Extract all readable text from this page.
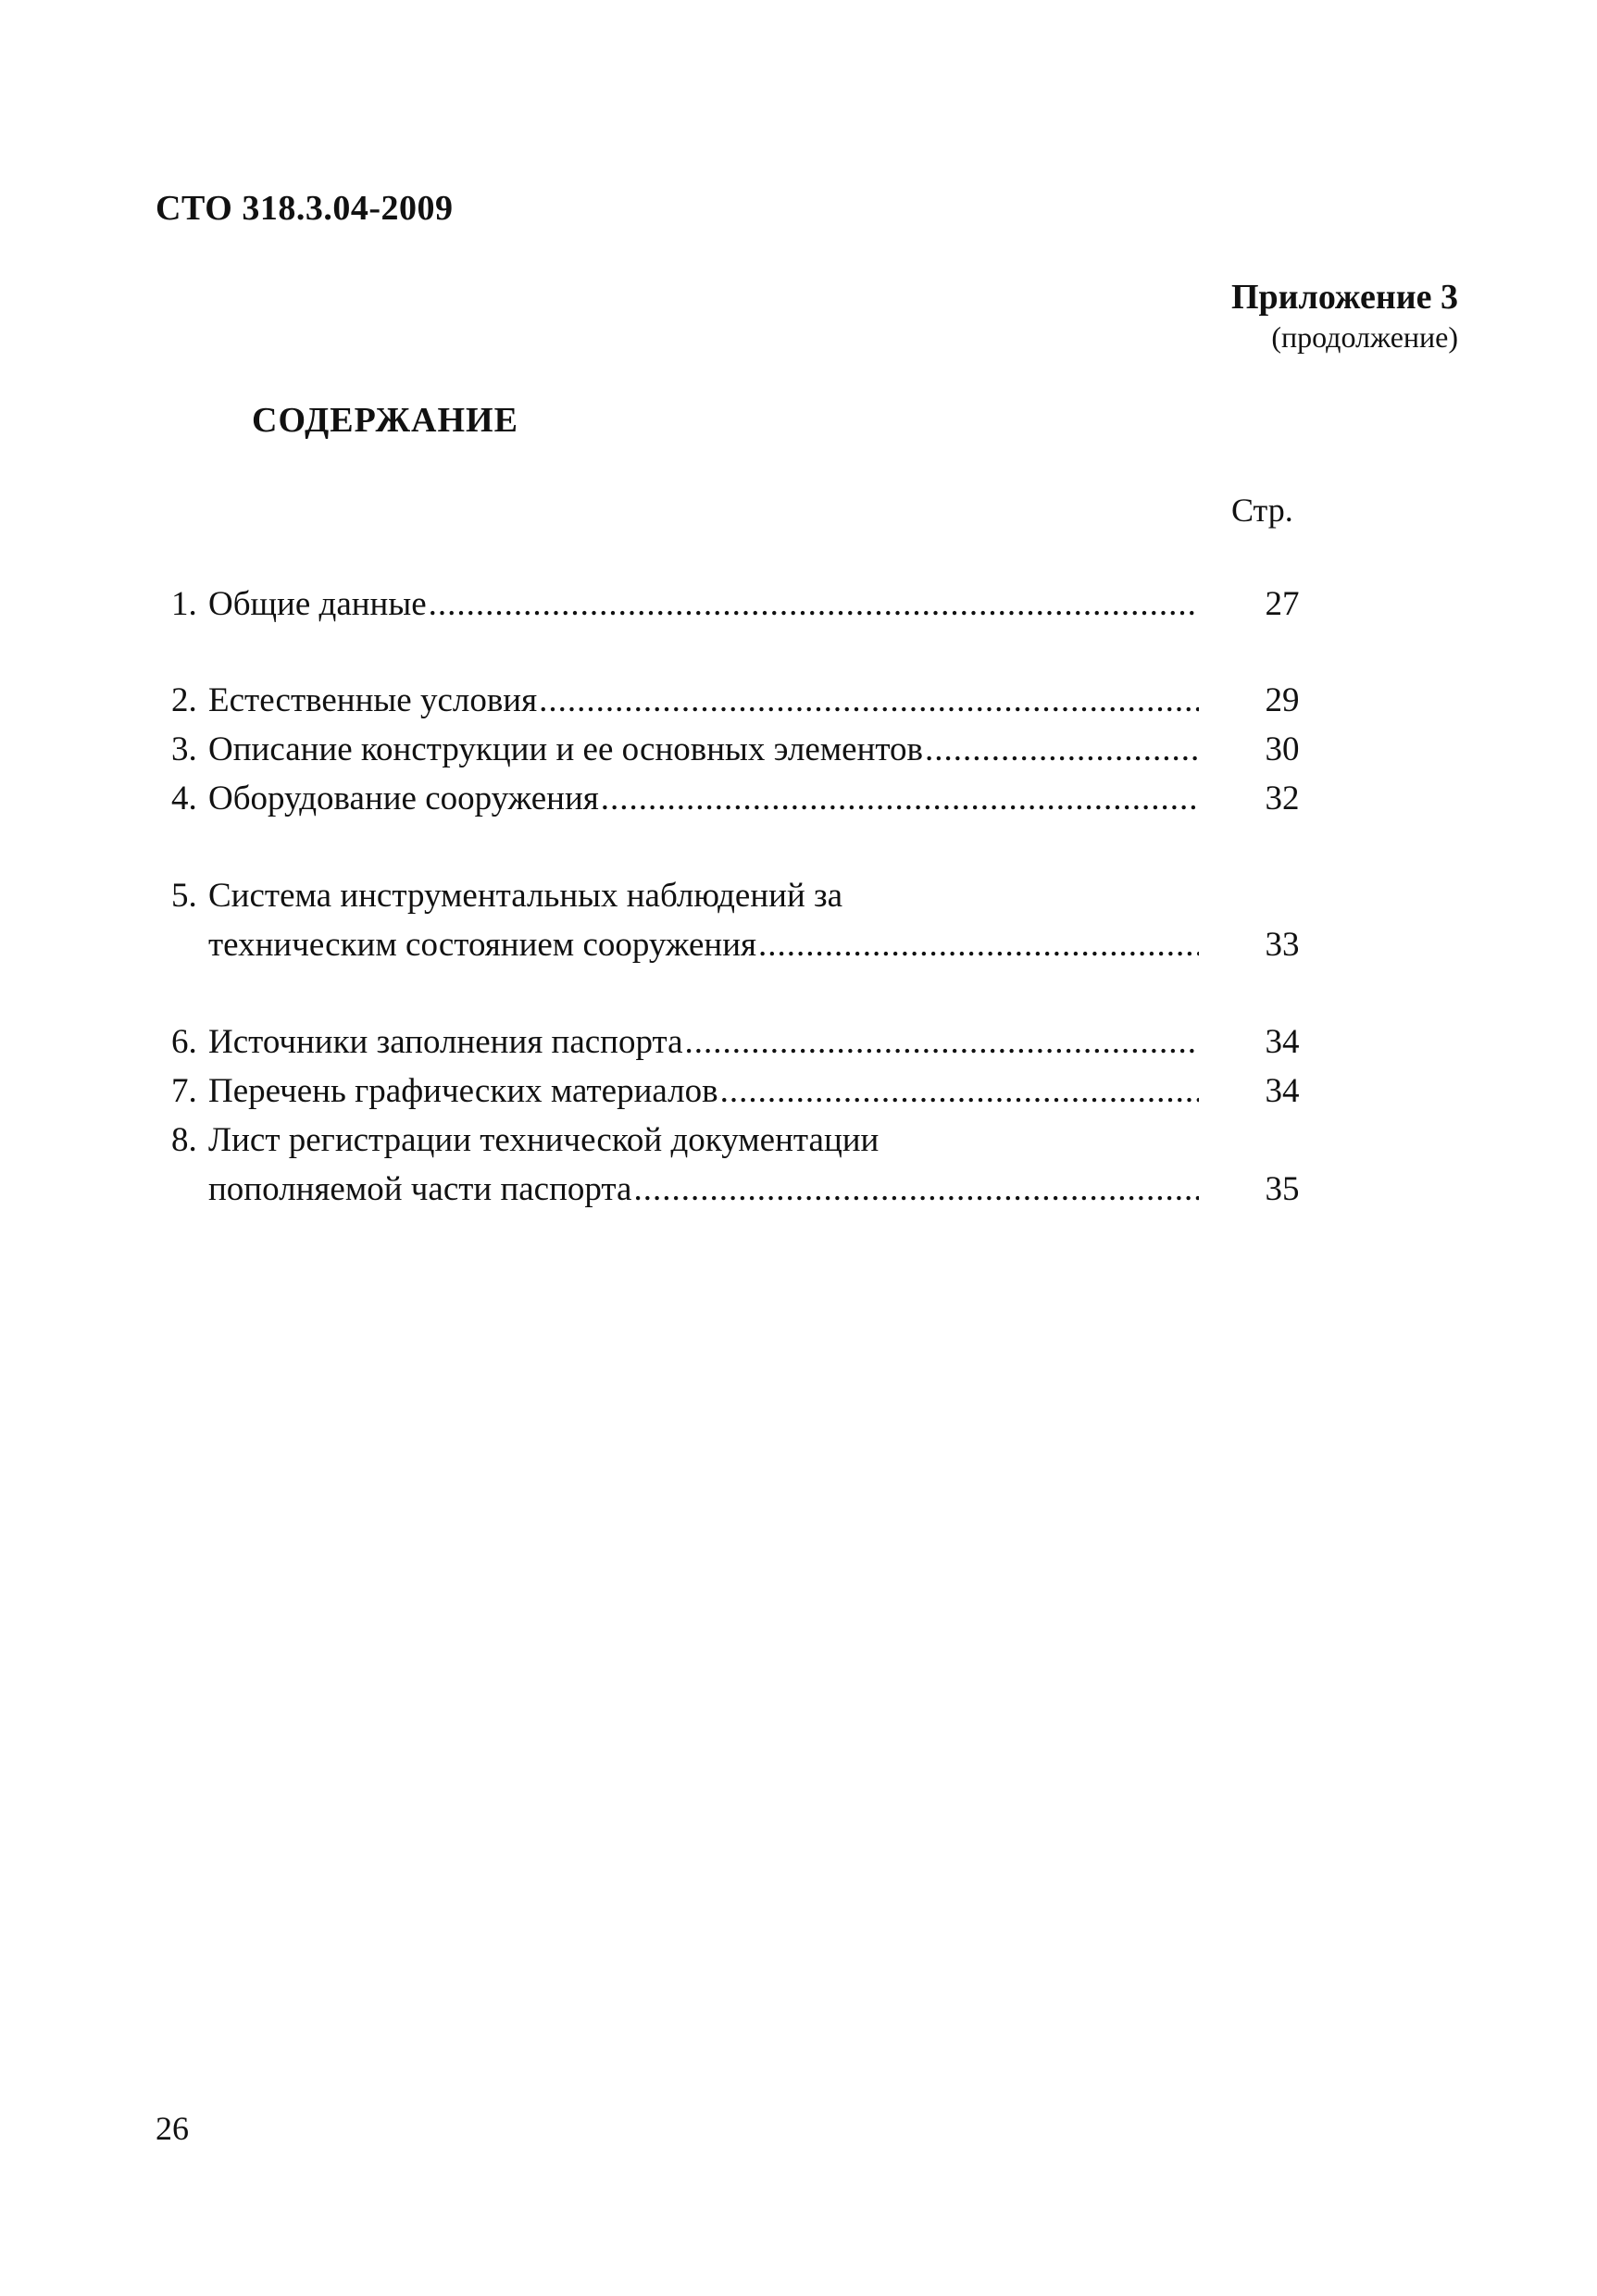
СТО 318.3.04-2009
Приложение 3
(продолжение)
СОДЕРЖАНИЕ
Стр.
1. Общие данные .....	27
2. Естественные условия .....	29
3. Описание конструкции и ее основных элементов .....	30
4. Оборудование сооружения .....	32
5. Система инструментальных наблюдений за
техническим состоянием сооружения .....	33
6. Источники заполнения паспорта .....	34
7. Перечень графических материалов .....	34
8. Лист регистрации технической документации
пополняемой части паспорта .....	35
26
